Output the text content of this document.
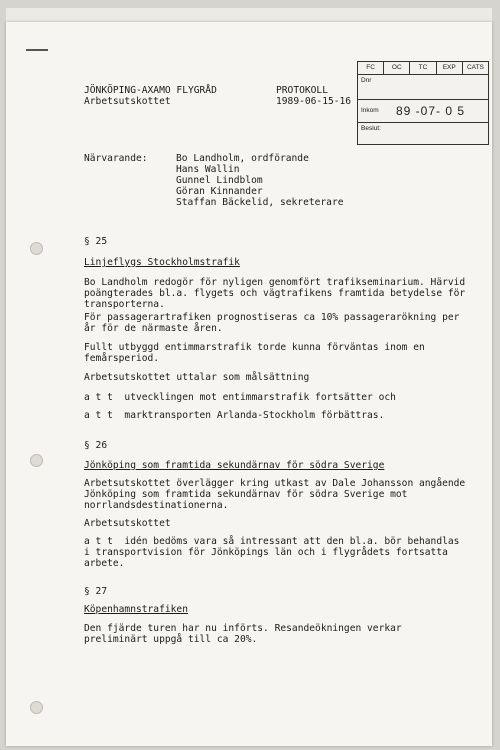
JÖNKÖPING-AXAMO FLYGRÅD
Arbetsutskottet
PROTOKOLL
1989-06-15-16
FC	OC	TC	EXP	CATS
Dnr
Inkom 89 -07- 0 5
Beslut:
Närvarande:	Bo Landholm, ordförande
Hans Wallin
Gunnel Lindblom
Göran Kinnander
Staffan Bäckelid, sekreterare
§ 25
Linjeflygs Stockholmstrafik
Bo Landholm redogör för nyligen genomfört trafikseminarium. Härvid
poängterades bl.a. flygets och vägtrafikens framtida betydelse för
transporterna.
För passagerartrafiken prognostiseras ca 10% passagerarökning per
år för de närmaste åren.
Fullt utbyggd entimmarstrafik torde kunna förväntas inom en
femårsperiod.
Arbetsutskottet uttalar som målsättning
a t t  utvecklingen mot entimmarstrafik fortsätter och
a t t  marktransporten Arlanda-Stockholm förbättras.
§ 26
Jönköping som framtida sekundärnav för södra Sverige
Arbetsutskottet överlägger kring utkast av Dale Johansson angående
Jönköping som framtida sekundärnav för södra Sverige mot
norrlandsdestinationerna.
Arbetsutskottet
a t t  idén bedöms vara så intressant att den bl.a. bör behandlas
i transportvision för Jönköpings län och i flygrådets fortsatta
arbete.
§ 27
Köpenhamnstrafiken
Den fjärde turen har nu införts. Resandeökningen verkar
preliminärt uppgå till ca 20%.
